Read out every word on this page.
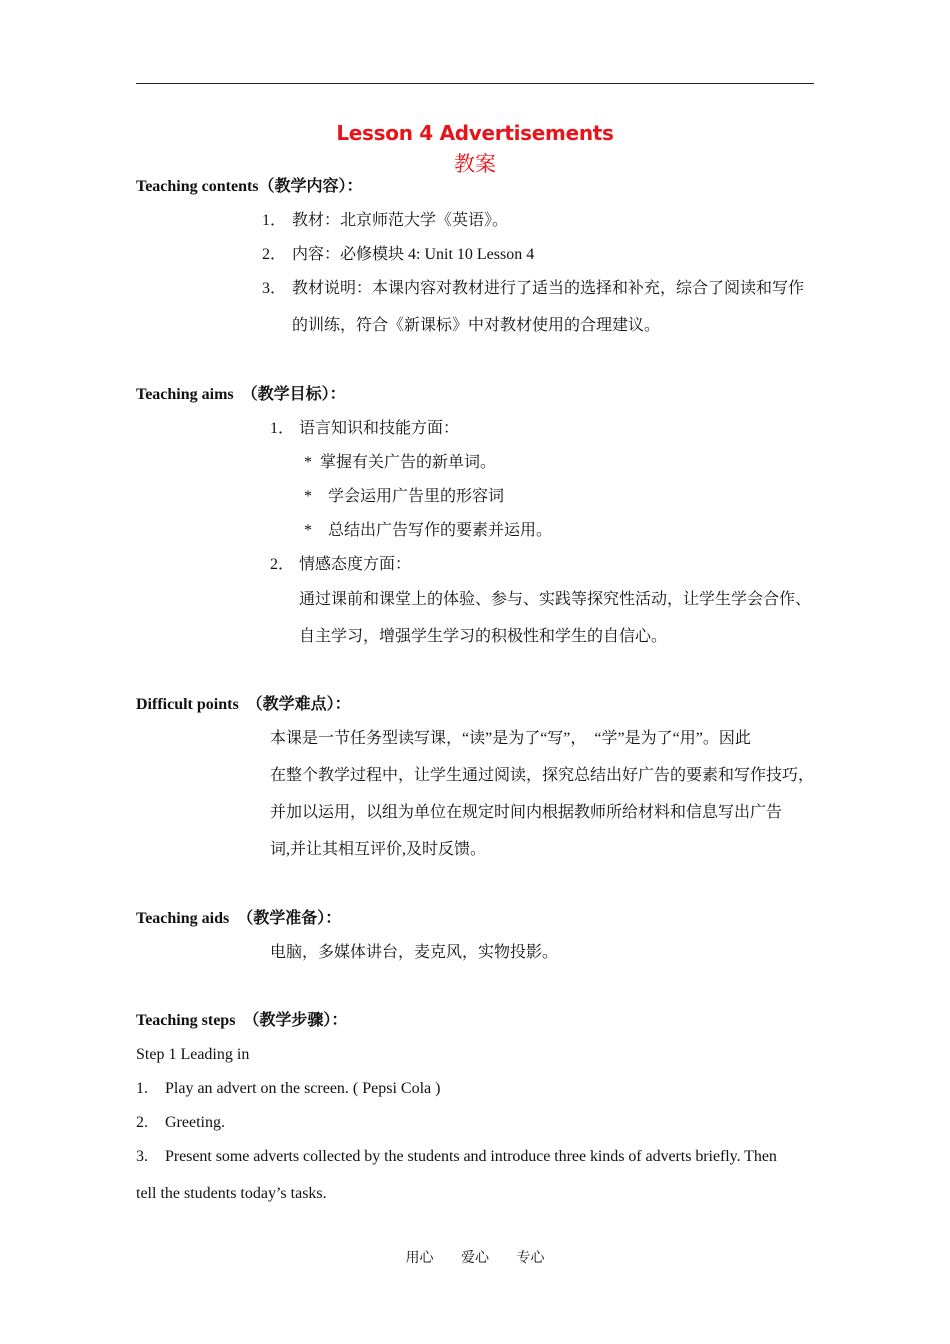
Lesson 4 Advertisements
教案
Teaching contents（教学内容）：
1． 教材：北京师范大学《英语》。
2． 内容：必修模块 4: Unit 10 Lesson 4
3． 教材说明：本课内容对教材进行了适当的选择和补充，综合了阅读和写作
的训练，符合《新课标》中对教材使用的合理建议。
Teaching aims　（教学目标）：
1． 语言知识和技能方面：
*  掌握有关广告的新单词。
*    学会运用广告里的形容词
*    总结出广告写作的要素并运用。
2． 情感态度方面：
通过课前和课堂上的体验、参与、实践等探究性活动，让学生学会合作、
自主学习，增强学生学习的积极性和学生的自信心。
Difficult points　（教学难点）：
本课是一节任务型读写课，“读”是为了“写”，　“学”是为了“用”。因此
在整个教学过程中，让学生通过阅读，探究总结出好广告的要素和写作技巧，
并加以运用，以组为单位在规定时间内根据教师所给材料和信息写出广告
词,并让其相互评价,及时反馈。
Teaching aids　（教学准备）：
电脑，多媒体讲台，麦克风，实物投影。
Teaching steps　（教学步骤）：
Step 1 Leading in
1. Play an advert on the screen. ( Pepsi Cola )
2. Greeting.
3. Present some adverts collected by the students and introduce three kinds of adverts briefly. Then
tell the students today’s tasks.
用心 爱心 专心
